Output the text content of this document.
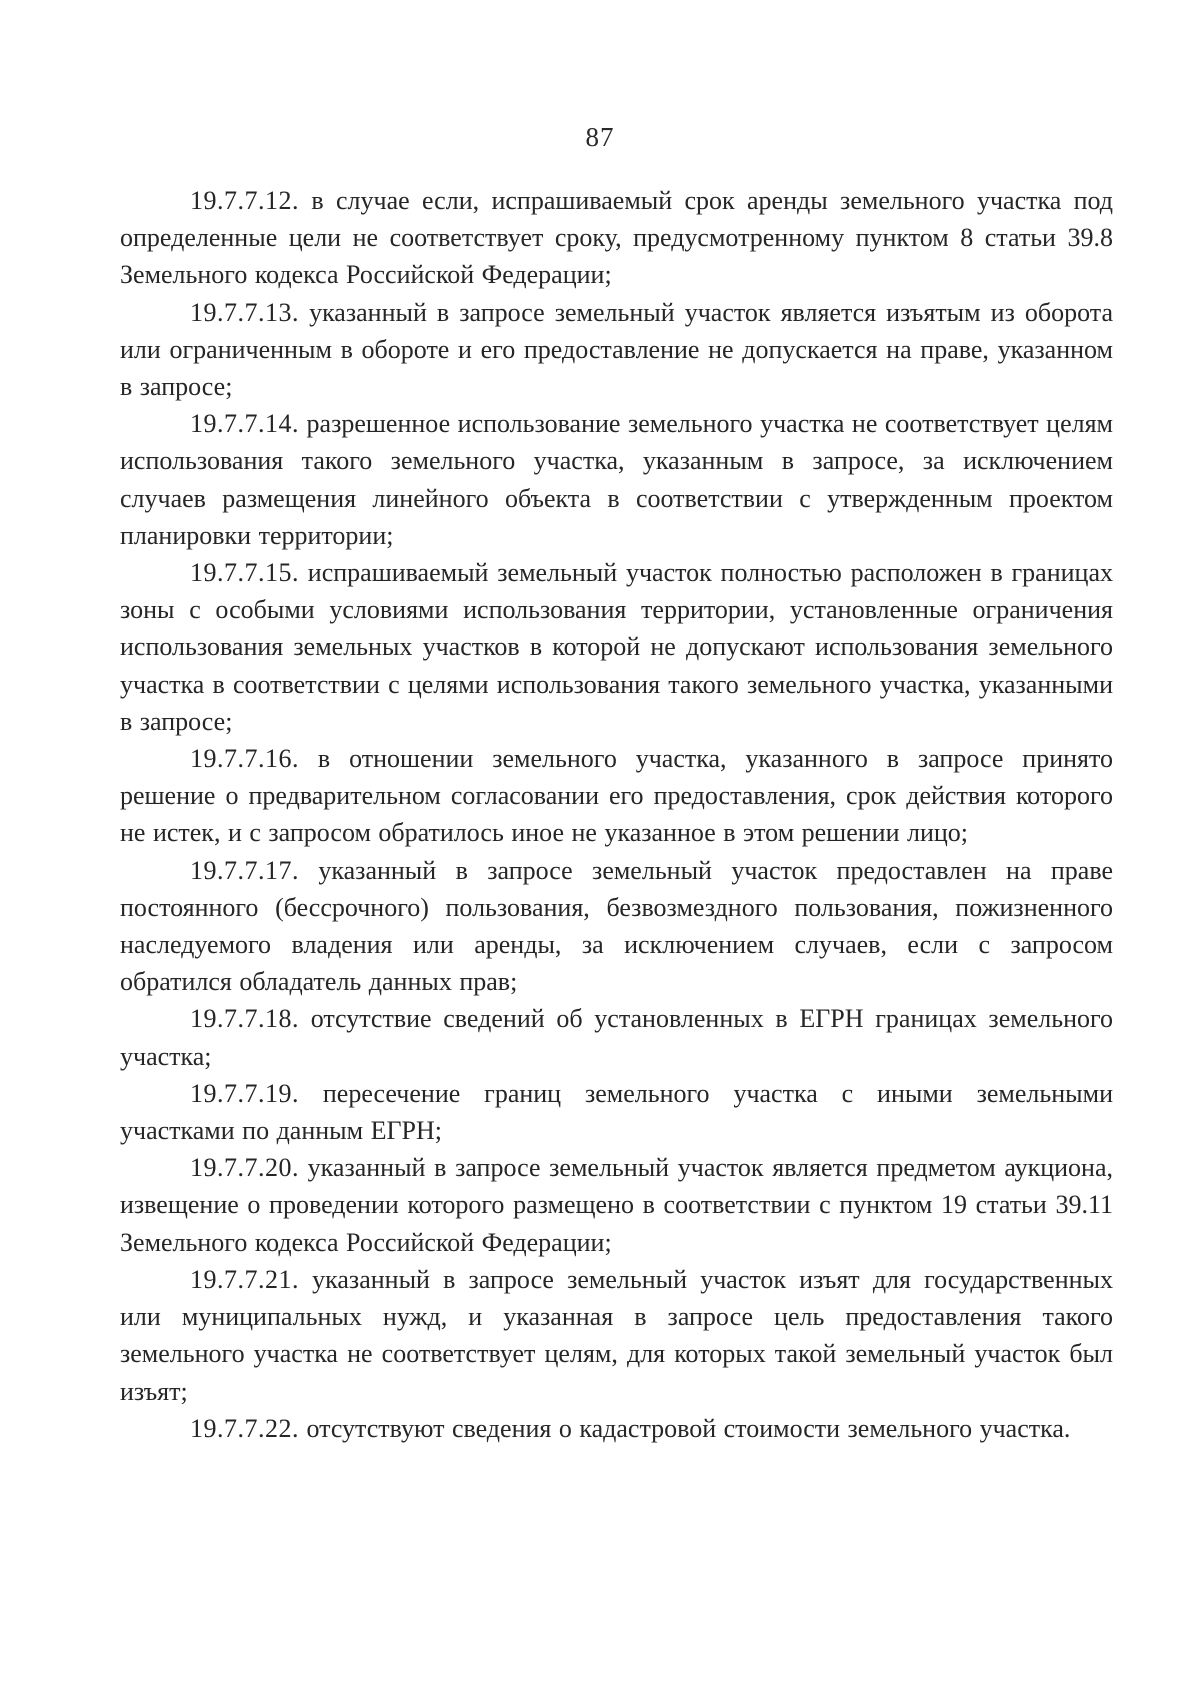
87

19.7.7.12. в случае если, испрашиваемый срок аренды земельного участка под определенные цели не соответствует сроку, предусмотренному пунктом 8 статьи 39.8 Земельного кодекса Российской Федерации;

19.7.7.13. указанный в запросе земельный участок является изъятым из оборота или ограниченным в обороте и его предоставление не допускается на праве, указанном в запросе;

19.7.7.14. разрешенное использование земельного участка не соответствует целям использования такого земельного участка, указанным в запросе, за исключением случаев размещения линейного объекта в соответствии с утвержденным проектом планировки территории;

19.7.7.15. испрашиваемый земельный участок полностью расположен в границах зоны с особыми условиями использования территории, установленные ограничения использования земельных участков в которой не допускают использования земельного участка в соответствии с целями использования такого земельного участка, указанными в запросе;

19.7.7.16. в отношении земельного участка, указанного в запросе принято решение о предварительном согласовании его предоставления, срок действия которого не истек, и с запросом обратилось иное не указанное в этом решении лицо;

19.7.7.17. указанный в запросе земельный участок предоставлен на праве постоянного (бессрочного) пользования, безвозмездного пользования, пожизненного наследуемого владения или аренды, за исключением случаев, если с запросом обратился обладатель данных прав;

19.7.7.18. отсутствие сведений об установленных в ЕГРН границах земельного участка;

19.7.7.19. пересечение границ земельного участка с иными земельными участками по данным ЕГРН;

19.7.7.20. указанный в запросе земельный участок является предметом аукциона, извещение о проведении которого размещено в соответствии с пунктом 19 статьи 39.11 Земельного кодекса Российской Федерации;

19.7.7.21. указанный в запросе земельный участок изъят для государственных или муниципальных нужд, и указанная в запросе цель предоставления такого земельного участка не соответствует целям, для которых такой земельный участок был изъят;

19.7.7.22. отсутствуют сведения о кадастровой стоимости земельного участка.
